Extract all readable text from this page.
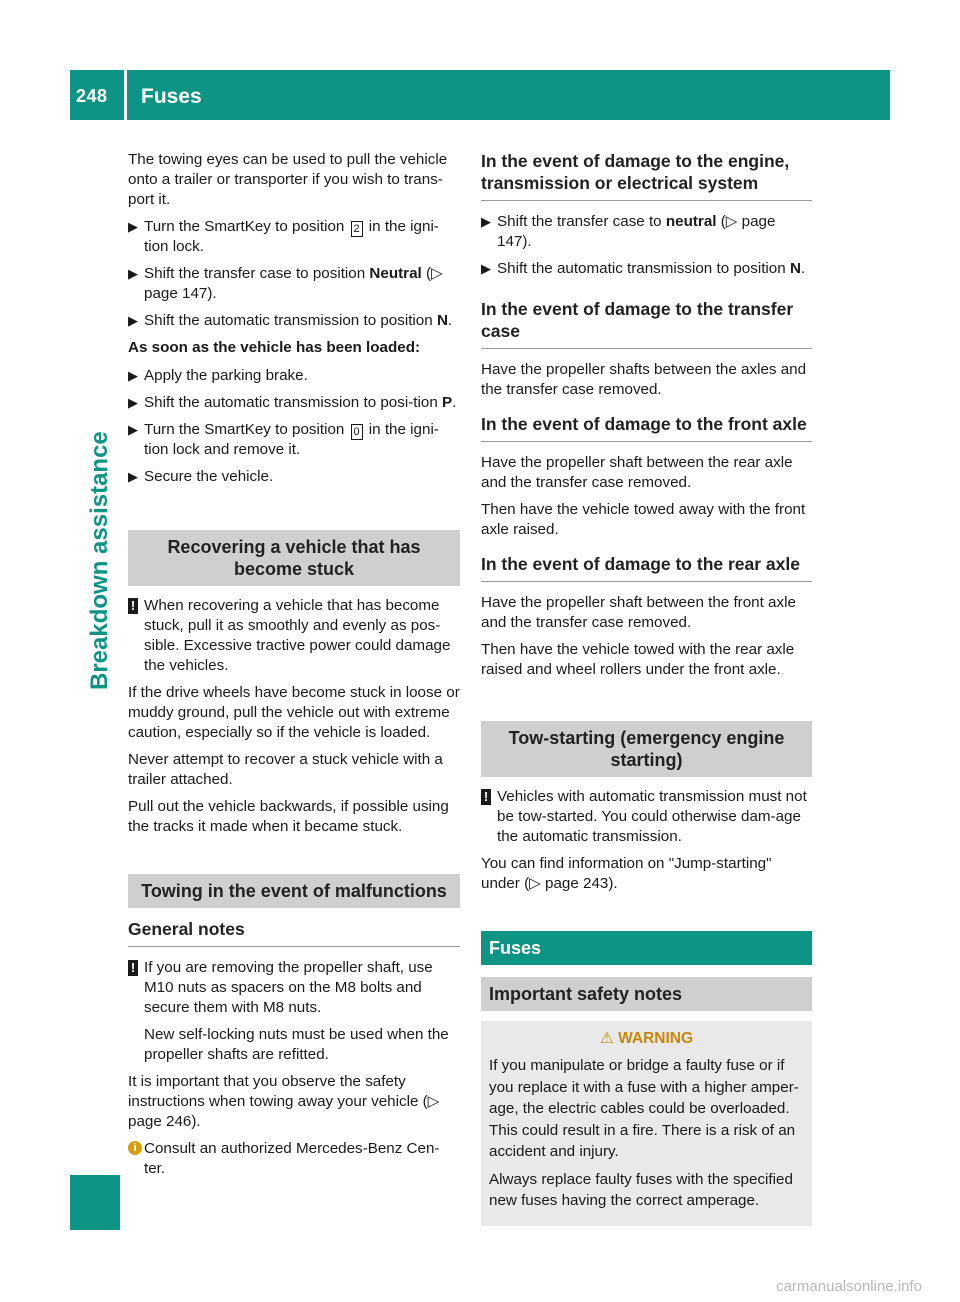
248 Fuses
Breakdown assistance

The towing eyes can be used to pull the vehicle onto a trailer or transporter if you wish to trans-port it.

▶ Turn the SmartKey to position 2 in the igni-tion lock.
▶ Shift the transfer case to position Neutral (▷ page 147).
▶ Shift the automatic transmission to position N.
As soon as the vehicle has been loaded:
▶ Apply the parking brake.
▶ Shift the automatic transmission to posi-tion P.
▶ Turn the SmartKey to position 0 in the igni-tion lock and remove it.
▶ Secure the vehicle.
Recovering a vehicle that has become stuck
! When recovering a vehicle that has become stuck, pull it as smoothly and evenly as pos-sible. Excessive tractive power could damage the vehicles.

If the drive wheels have become stuck in loose or muddy ground, pull the vehicle out with extreme caution, especially so if the vehicle is loaded.

Never attempt to recover a stuck vehicle with a trailer attached.

Pull out the vehicle backwards, if possible using the tracks it made when it became stuck.

Towing in the event of malfunctions
General notes
! If you are removing the propeller shaft, use M10 nuts as spacers on the M8 bolts and secure them with M8 nuts.
New self-locking nuts must be used when the propeller shafts are refitted.

It is important that you observe the safety instructions when towing away your vehicle (▷ page 246).

i Consult an authorized Mercedes-Benz Cen-ter.
In the event of damage to the engine, transmission or electrical system
▶ Shift the transfer case to neutral (▷ page 147).
▶ Shift the automatic transmission to position N.
In the event of damage to the transfer case

Have the propeller shafts between the axles and the transfer case removed.

In the event of damage to the front axle

Have the propeller shaft between the rear axle and the transfer case removed.

Then have the vehicle towed away with the front axle raised.

In the event of damage to the rear axle

Have the propeller shaft between the front axle and the transfer case removed.

Then have the vehicle towed with the rear axle raised and wheel rollers under the front axle.

Tow-starting (emergency engine starting)
! Vehicles with automatic transmission must not be tow-started. You could otherwise dam-age the automatic transmission.

You can find information on "Jump-starting" under (▷ page 243).

Fuses
Important safety notes
⚠ WARNING

If you manipulate or bridge a faulty fuse or if you replace it with a fuse with a higher amper-age, the electric cables could be overloaded. This could result in a fire. There is a risk of an accident and injury.

Always replace faulty fuses with the specified new fuses having the correct amperage.

carmanualsonline.info
